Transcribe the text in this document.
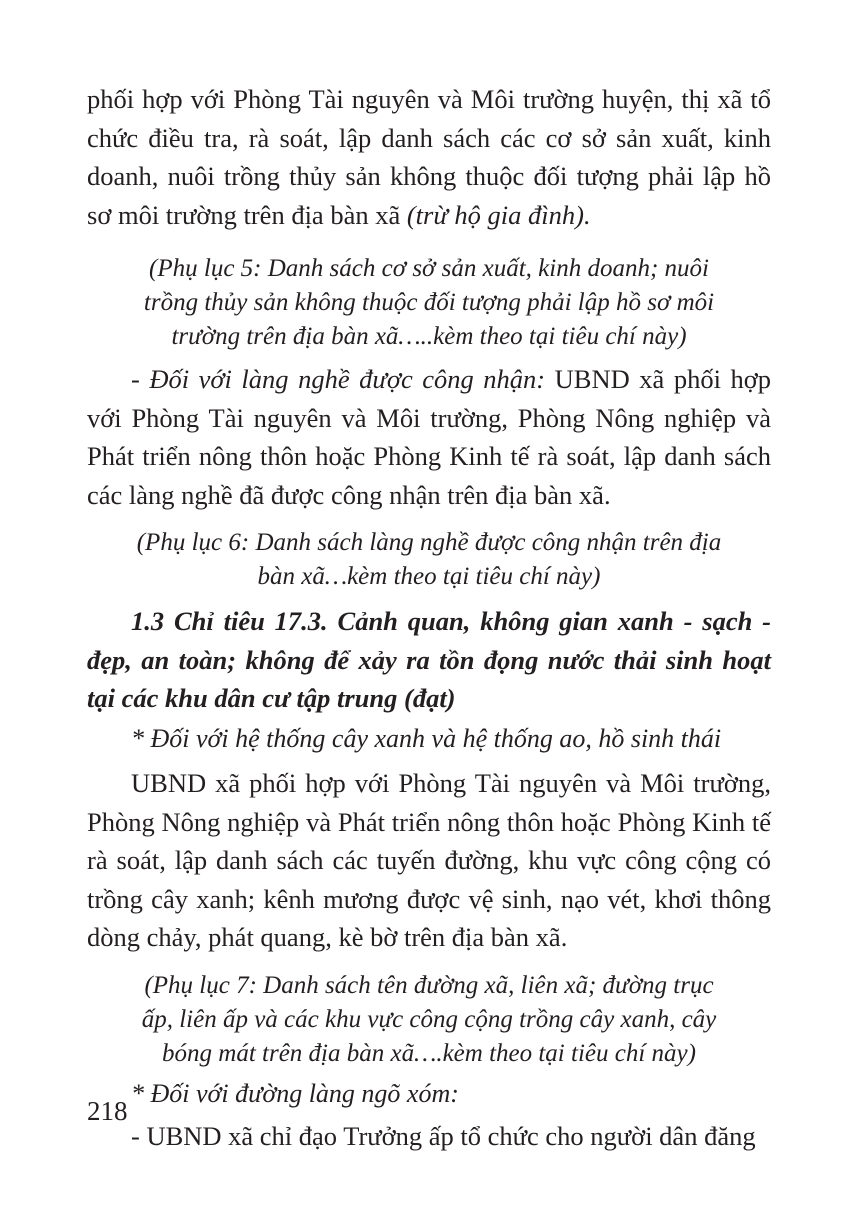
phối hợp với Phòng Tài nguyên và Môi trường huyện, thị xã tổ chức điều tra, rà soát, lập danh sách các cơ sở sản xuất, kinh doanh, nuôi trồng thủy sản không thuộc đối tượng phải lập hồ sơ môi trường trên địa bàn xã (trừ hộ gia đình).

(Phụ lục 5: Danh sách cơ sở sản xuất, kinh doanh; nuôi

trồng thủy sản không thuộc đối tượng phải lập hồ sơ môi

trường trên địa bàn xã…..kèm theo tại tiêu chí này)

- Đối với làng nghề được công nhận: UBND xã phối hợp với Phòng Tài nguyên và Môi trường, Phòng Nông nghiệp và Phát triển nông thôn hoặc Phòng Kinh tế rà soát, lập danh sách các làng nghề đã được công nhận trên địa bàn xã.

(Phụ lục 6: Danh sách làng nghề được công nhận trên địa

bàn xã…kèm theo tại tiêu chí này)

1.3 Chỉ tiêu 17.3. Cảnh quan, không gian xanh - sạch - đẹp, an toàn; không để xảy ra tồn đọng nước thải sinh hoạt tại các khu dân cư tập trung (đạt)

* Đối với hệ thống cây xanh và hệ thống ao, hồ sinh thái

UBND xã phối hợp với Phòng Tài nguyên và Môi trường, Phòng Nông nghiệp và Phát triển nông thôn hoặc Phòng Kinh tế rà soát, lập danh sách các tuyến đường, khu vực công cộng có trồng cây xanh; kênh mương được vệ sinh, nạo vét, khơi thông dòng chảy, phát quang, kè bờ trên địa bàn xã.

(Phụ lục 7: Danh sách tên đường xã, liên xã; đường trục

ấp, liên ấp và các khu vực công cộng trồng cây xanh, cây

bóng mát trên địa bàn xã….kèm theo tại tiêu chí này)

* Đối với đường làng ngõ xóm:

- UBND xã chỉ đạo Trưởng ấp tổ chức cho người dân đăng

218
